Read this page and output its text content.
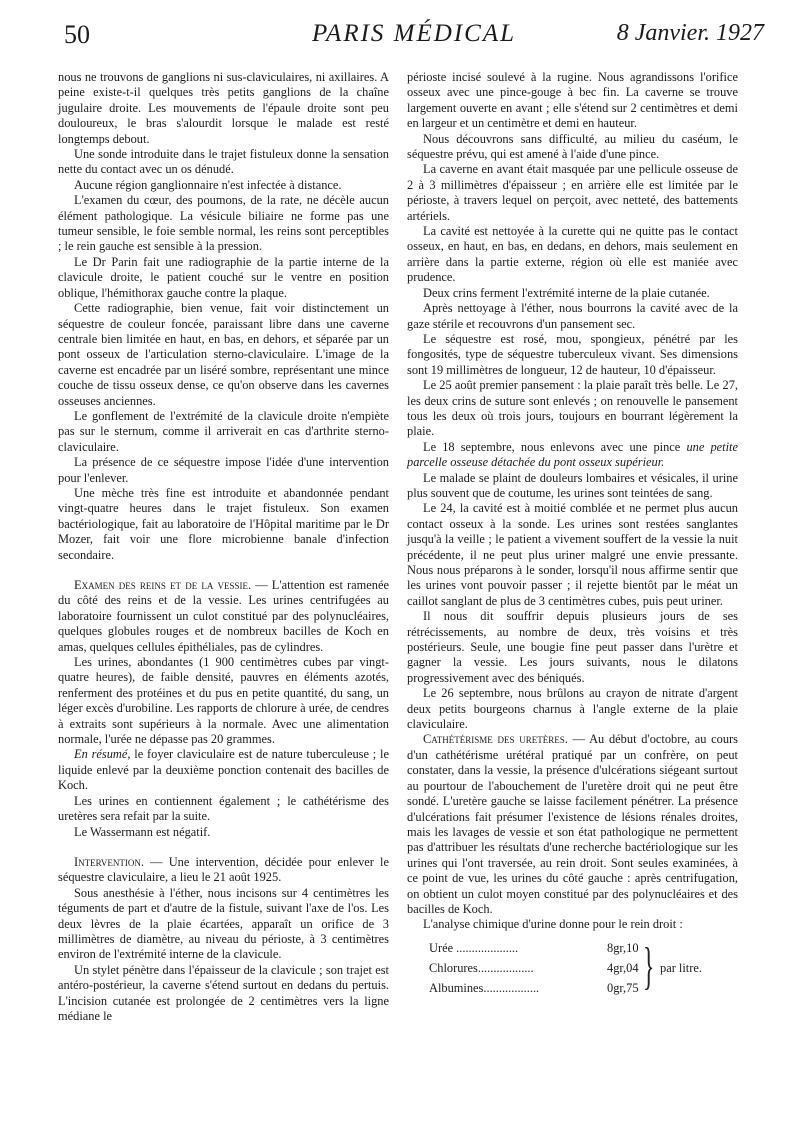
50	PARIS MÉDICAL	8 Janvier. 1927

nous ne trouvons de ganglions ni sus-claviculaires, ni axillaires. A peine existe-t-il quelques très petits ganglions de la chaîne jugulaire droite. Les mouvements de l'épaule droite sont peu douloureux, le bras s'alourdit lorsque le malade est resté longtemps debout.

Une sonde introduite dans le trajet fistuleux donne la sensation nette du contact avec un os dénudé.

Aucune région ganglionnaire n'est infectée à distance.

L'examen du cœur, des poumons, de la rate, ne décèle aucun élément pathologique. La vésicule biliaire ne forme pas une tumeur sensible, le foie semble normal, les reins sont perceptibles ; le rein gauche est sensible à la pression.

Le Dr Parin fait une radiographie de la partie interne de la clavicule droite, le patient couché sur le ventre en position oblique, l'hémithorax gauche contre la plaque.

Cette radiographie, bien venue, fait voir distinctement un séquestre de couleur foncée, paraissant libre dans une caverne centrale bien limitée en haut, en bas, en dehors, et séparée par un pont osseux de l'articulation sterno-claviculaire. L'image de la caverne est encadrée par un liséré sombre, représentant une mince couche de tissu osseux dense, ce qu'on observe dans les cavernes osseuses anciennes.

Le gonflement de l'extrémité de la clavicule droite n'empiète pas sur le sternum, comme il arriverait en cas d'arthrite sterno-claviculaire.

La présence de ce séquestre impose l'idée d'une intervention pour l'enlever.

Une mèche très fine est introduite et abandonnée pendant vingt-quatre heures dans le trajet fistuleux. Son examen bactériologique, fait au laboratoire de l'Hôpital maritime par le Dr Mozer, fait voir une flore microbienne banale d'infection secondaire.

Examen des reins et de la vessie. — L'attention est ramenée du côté des reins et de la vessie. Les urines centrifugées au laboratoire fournissent un culot constitué par des polynucléaires, quelques globules rouges et de nombreux bacilles de Koch en amas, quelques cellules épithéliales, pas de cylindres.

Les urines, abondantes (1 900 centimètres cubes par vingt-quatre heures), de faible densité, pauvres en éléments azotés, renferment des protéines et du pus en petite quantité, du sang, un léger excès d'urobiline. Les rapports de chlorure à urée, de cendres à extraits sont supérieurs à la normale. Avec une alimentation normale, l'urée ne dépasse pas 20 grammes.

En résumé, le foyer claviculaire est de nature tuberculeuse ; le liquide enlevé par la deuxième ponction contenait des bacilles de Koch.

Les urines en contiennent également ; le cathétérisme des uretères sera refait par la suite.

Le Wassermann est négatif.

Intervention. — Une intervention, décidée pour enlever le séquestre claviculaire, a lieu le 21 août 1925.

Sous anesthésie à l'éther, nous incisons sur 4 centimètres les téguments de part et d'autre de la fistule, suivant l'axe de l'os. Les deux lèvres de la plaie écartées, apparaît un orifice de 3 millimètres de diamètre, au niveau du périoste, à 3 centimètres environ de l'extrémité interne de la clavicule.

Un stylet pénètre dans l'épaisseur de la clavicule ; son trajet est antéro-postérieur, la caverne s'étend surtout en dedans du pertuis. L'incision cutanée est prolongée de 2 centimètres vers la ligne médiane le

périoste incisé soulevé à la rugine. Nous agrandissons l'orifice osseux avec une pince-gouge à bec fin. La caverne se trouve largement ouverte en avant ; elle s'étend sur 2 centimètres et demi en largeur et un centimètre et demi en hauteur.

Nous découvrons sans difficulté, au milieu du caséum, le séquestre prévu, qui est amené à l'aide d'une pince.

La caverne en avant était masquée par une pellicule osseuse de 2 à 3 millimètres d'épaisseur ; en arrière elle est limitée par le périoste, à travers lequel on perçoit, avec netteté, des battements artériels.

La cavité est nettoyée à la curette qui ne quitte pas le contact osseux, en haut, en bas, en dedans, en dehors, mais seulement en arrière dans la partie externe, région où elle est maniée avec prudence.

Deux crins ferment l'extrémité interne de la plaie cutanée.

Après nettoyage à l'éther, nous bourrons la cavité avec de la gaze stérile et recouvrons d'un pansement sec.

Le séquestre est rosé, mou, spongieux, pénétré par les fongosités, type de séquestre tuberculeux vivant. Ses dimensions sont 19 millimètres de longueur, 12 de hauteur, 10 d'épaisseur.

Le 25 août premier pansement : la plaie paraît très belle. Le 27, les deux crins de suture sont enlevés ; on renouvelle le pansement tous les deux où trois jours, toujours en bourrant légèrement la plaie.

Le 18 septembre, nous enlevons avec une pince une petite parcelle osseuse détachée du pont osseux supérieur.

Le malade se plaint de douleurs lombaires et vésicales, il urine plus souvent que de coutume, les urines sont teintées de sang.

Le 24, la cavité est à moitié comblée et ne permet plus aucun contact osseux à la sonde. Les urines sont restées sanglantes jusqu'à la veille ; le patient a vivement souffert de la vessie la nuit précédente, il ne peut plus uriner malgré une envie pressante. Nous nous préparons à le sonder, lorsqu'il nous affirme sentir que les urines vont pouvoir passer ; il rejette bientôt par le méat un caillot sanglant de plus de 3 centimètres cubes, puis peut uriner.

Il nous dit souffrir depuis plusieurs jours de ses rétrécissements, au nombre de deux, très voisins et très postérieurs. Seule, une bougie fine peut passer dans l'urètre et gagner la vessie. Les jours suivants, nous le dilatons progressivement avec des béniqués.

Le 26 septembre, nous brûlons au crayon de nitrate d'argent deux petits bourgeons charnus à l'angle externe de la plaie claviculaire.

Cathétérisme des uretères. — Au début d'octobre, au cours d'un cathétérisme urétéral pratiqué par un confrère, on peut constater, dans la vessie, la présence d'ulcérations siégeant surtout au pourtour de l'abouchement de l'uretère droit qui ne peut être sondé. L'uretère gauche se laisse facilement pénétrer. La présence d'ulcérations fait présumer l'existence de lésions rénales droites, mais les lavages de vessie et son état pathologique ne permettent pas d'attribuer les résultats d'une recherche bactériologique sur les urines qui l'ont traversée, au rein droit. Sont seules examinées, à ce point de vue, les urines du côté gauche : après centrifugation, on obtient un culot moyen constitué par des polynucléaires et des bacilles de Koch.

L'analyse chimique d'urine donne pour le rein droit :

Urée ....................	8gr,10
Chlorures..................	4gr,04
Albumines..................	0gr,75 } par litre.
